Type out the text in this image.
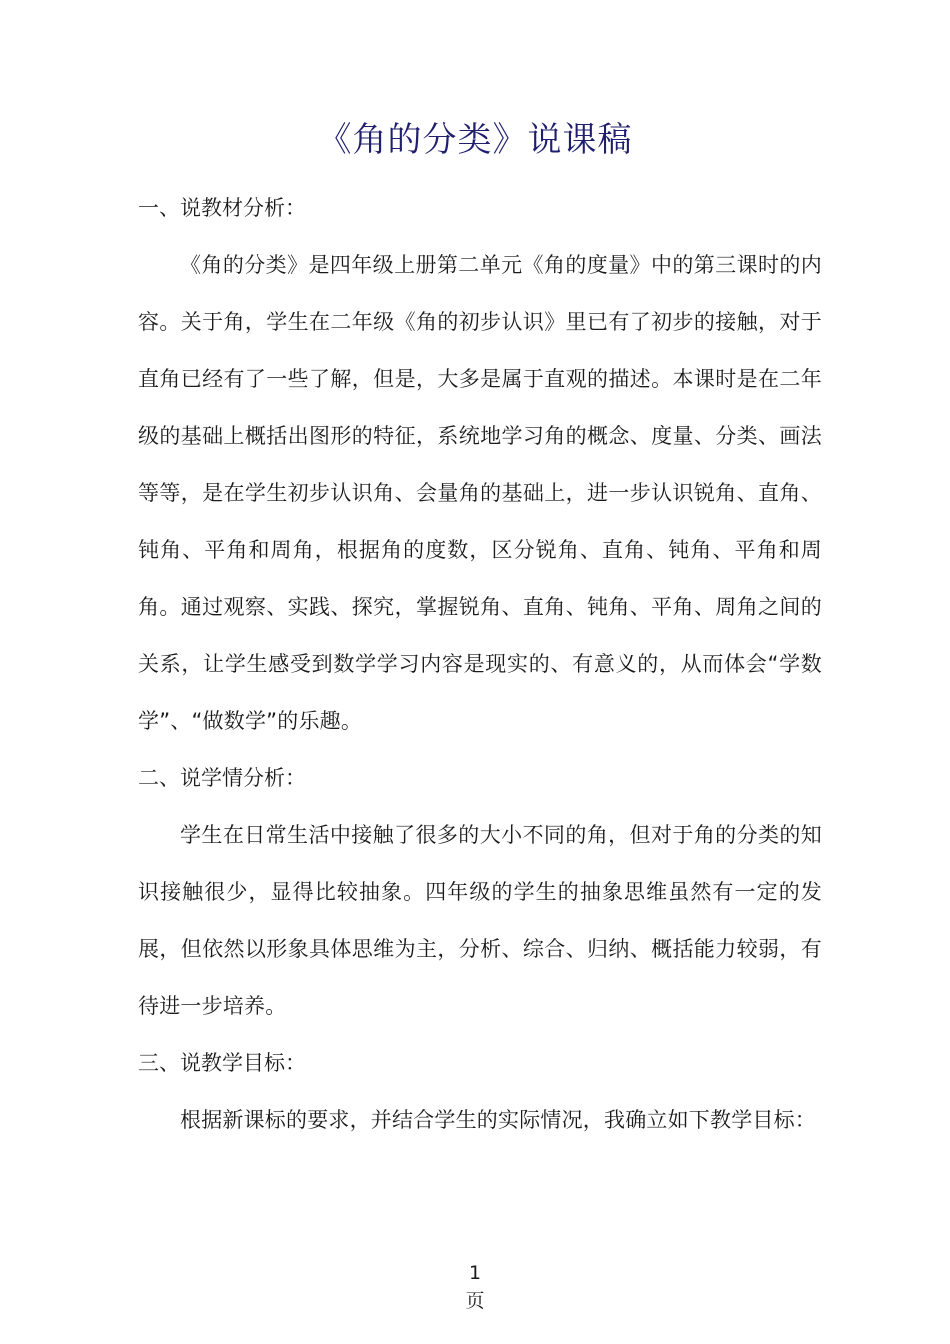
《角的分类》说课稿

一、说教材分析：

《角的分类》是四年级上册第二单元《角的度量》中的第三课时的内容。关于角，学生在二年级《角的初步认识》里已有了初步的接触，对于直角已经有了一些了解，但是，大多是属于直观的描述。本课时是在二年级的基础上概括出图形的特征，系统地学习角的概念、度量、分类、画法等等，是在学生初步认识角、会量角的基础上，进一步认识锐角、直角、钝角、平角和周角，根据角的度数，区分锐角、直角、钝角、平角和周角。通过观察、实践、探究，掌握锐角、直角、钝角、平角、周角之间的关系，让学生感受到数学学习内容是现实的、有意义的，从而体会“学数学”、“做数学”的乐趣。

二、说学情分析：

学生在日常生活中接触了很多的大小不同的角，但对于角的分类的知识接触很少，显得比较抽象。四年级的学生的抽象思维虽然有一定的发展，但依然以形象具体思维为主，分析、综合、归纳、概括能力较弱，有待进一步培养。

三、说教学目标：

根据新课标的要求，并结合学生的实际情况，我确立如下教学目标：

1
页
